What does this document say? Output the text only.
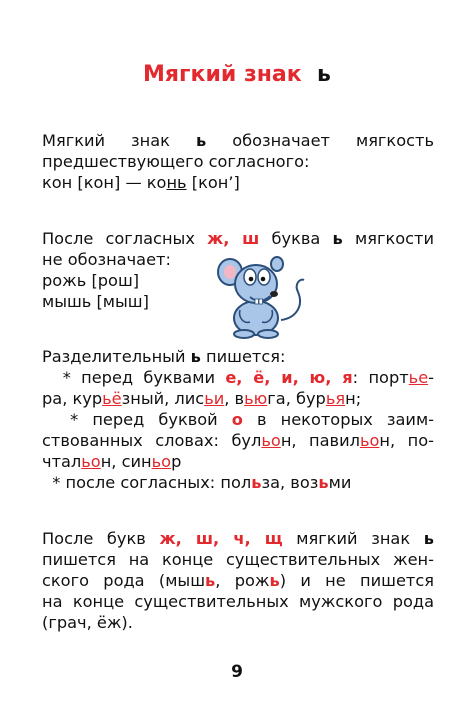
Мягкий знак ь
Мягкий знак ь обозначает мягкость
предшествующего согласного:
кон [кон] — конь [кон’]
После согласных ж, ш буква ь мягкости
не обозначает:
рожь [рош]
мышь [мыш]
Разделительный ь пишется:
* перед буквами е, ё, и, ю, я: портье-
ра, курьёзный, лисьи, вьюга, бурьян;
* перед буквой о в некоторых заим-
ствованных словах: бульон, павильон, по-
чтальон, синьор
* после согласных: польза, возьми
После букв ж, ш, ч, щ мягкий знак ь
пишется на конце существительных жен-
ского рода (мышь, рожь) и не пишется
на конце существительных мужского рода
(грач, ёж).
9
